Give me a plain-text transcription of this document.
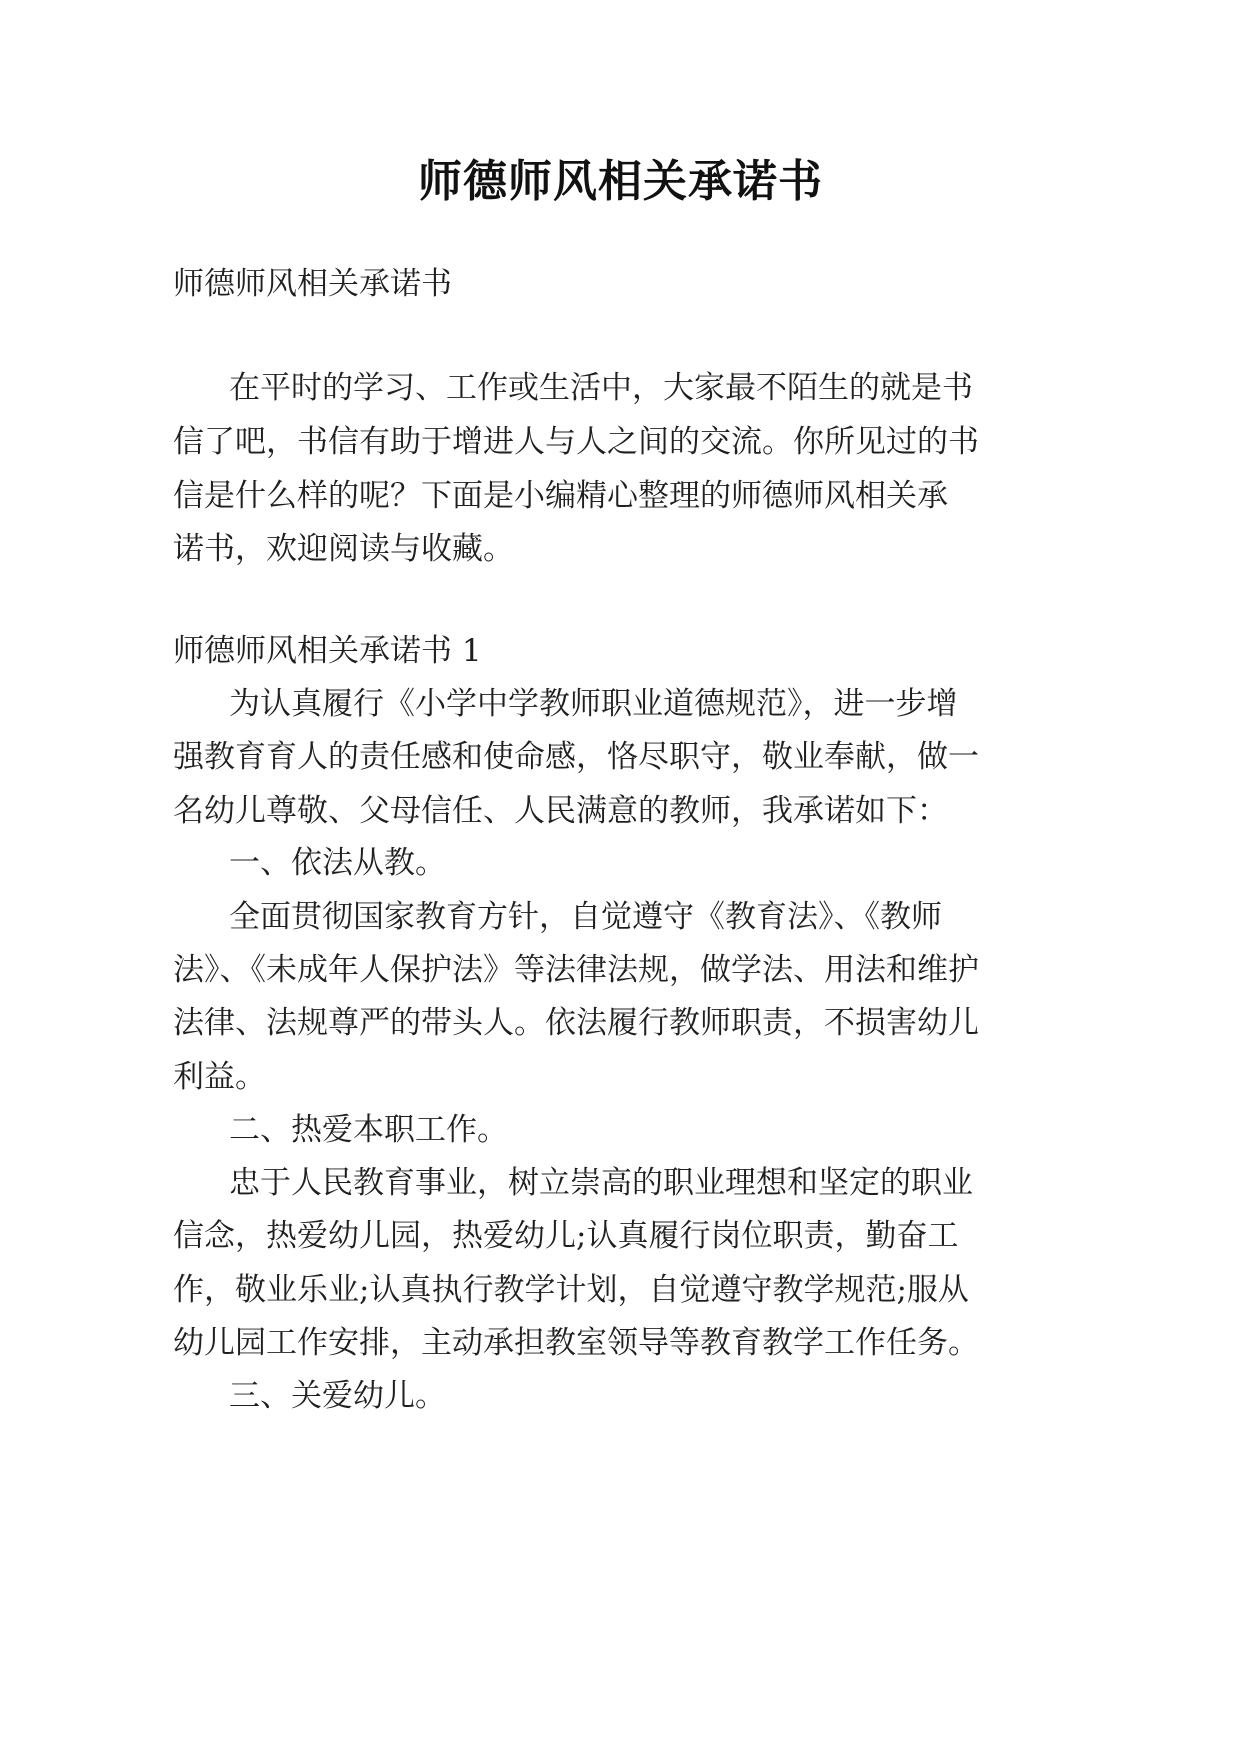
师德师风相关承诺书
师德师风相关承诺书
在平时的学习、工作或生活中，大家最不陌生的就是书
信了吧，书信有助于增进人与人之间的交流。你所见过的书
信是什么样的呢？下面是小编精心整理的师德师风相关承
诺书，欢迎阅读与收藏。
师德师风相关承诺书 1
为认真履行《小学中学教师职业道德规范》，进一步增
强教育育人的责任感和使命感，恪尽职守，敬业奉献，做一
名幼儿尊敬、父母信任、人民满意的教师，我承诺如下：
一、依法从教。
全面贯彻国家教育方针，自觉遵守《教育法》、《教师
法》、《未成年人保护法》等法律法规，做学法、用法和维护
法律、法规尊严的带头人。依法履行教师职责，不损害幼儿
利益。
二、热爱本职工作。
忠于人民教育事业，树立崇高的职业理想和坚定的职业
信念，热爱幼儿园，热爱幼儿;认真履行岗位职责，勤奋工
作，敬业乐业;认真执行教学计划，自觉遵守教学规范;服从
幼儿园工作安排，主动承担教室领导等教育教学工作任务。
三、关爱幼儿。
